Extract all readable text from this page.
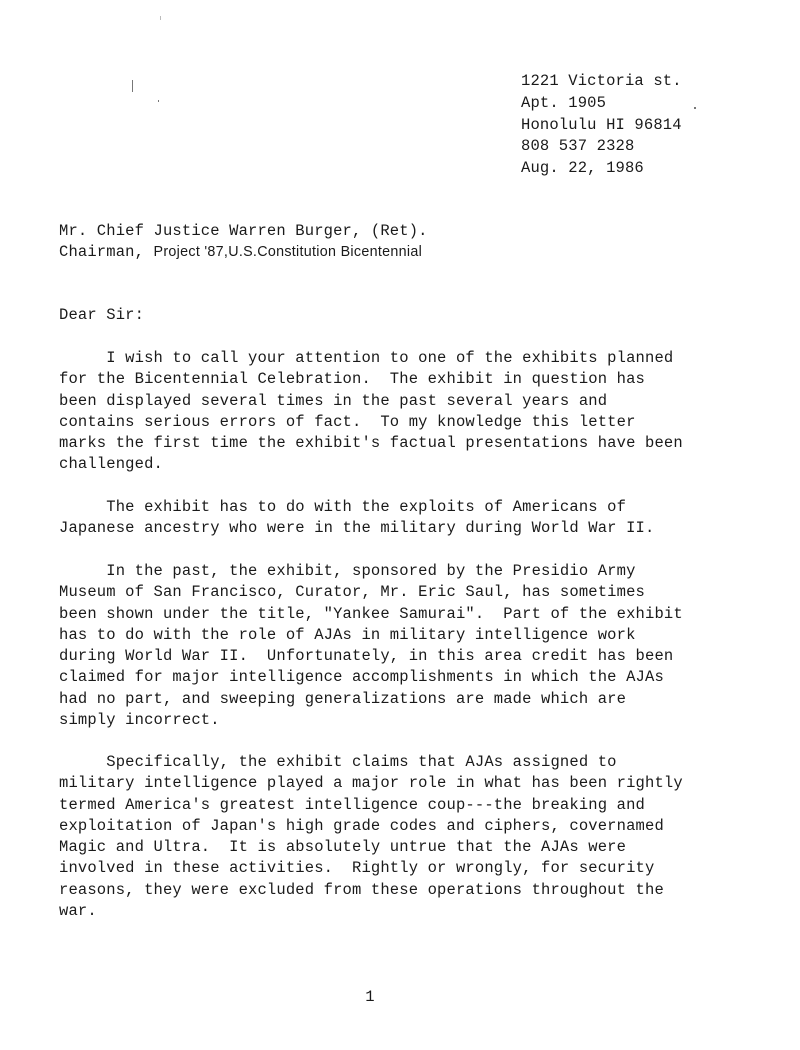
1221 Victoria st.
Apt. 1905
Honolulu HI 96814
808 537 2328
Aug. 22, 1986
Mr. Chief Justice Warren Burger, (Ret).
Chairman, Project '87,U.S.Constitution Bicentennial
Dear Sir:
I wish to call your attention to one of the exhibits planned
for the Bicentennial Celebration.  The exhibit in question has
been displayed several times in the past several years and
contains serious errors of fact.  To my knowledge this letter
marks the first time the exhibit's factual presentations have been
challenged.
The exhibit has to do with the exploits of Americans of
Japanese ancestry who were in the military during World War II.
In the past, the exhibit, sponsored by the Presidio Army
Museum of San Francisco, Curator, Mr. Eric Saul, has sometimes
been shown under the title, "Yankee Samurai".  Part of the exhibit
has to do with the role of AJAs in military intelligence work
during World War II.  Unfortunately, in this area credit has been
claimed for major intelligence accomplishments in which the AJAs
had no part, and sweeping generalizations are made which are
simply incorrect.
Specifically, the exhibit claims that AJAs assigned to
military intelligence played a major role in what has been rightly
termed America's greatest intelligence coup---the breaking and
exploitation of Japan's high grade codes and ciphers, covernamed
Magic and Ultra.  It is absolutely untrue that the AJAs were
involved in these activities.  Rightly or wrongly, for security
reasons, they were excluded from these operations throughout the
war.
1
